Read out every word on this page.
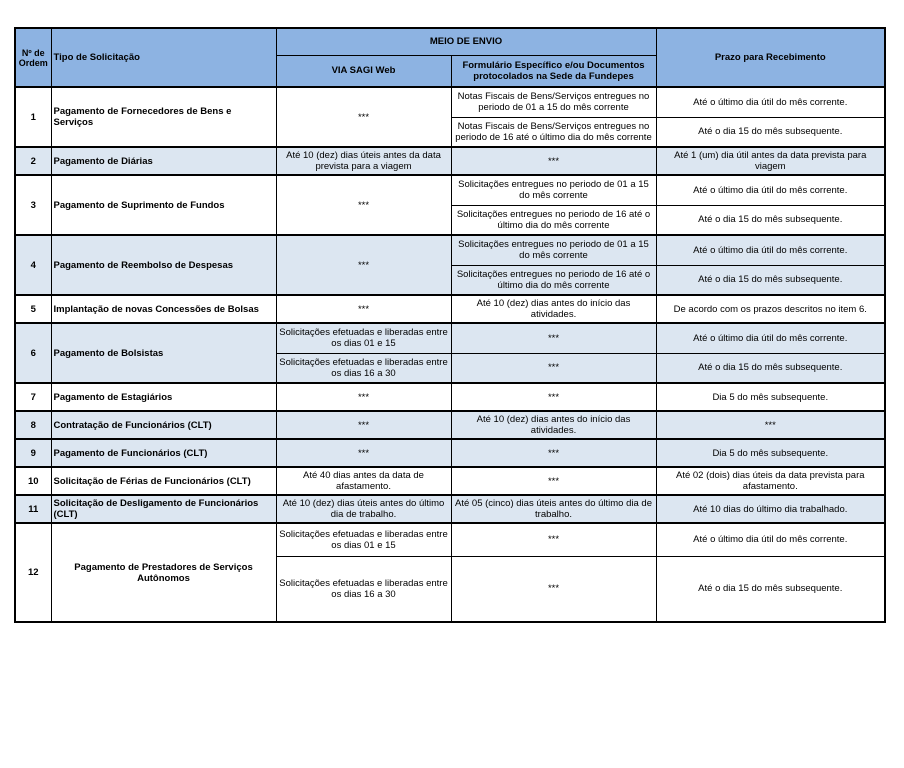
Nº de Ordem	Tipo de Solicitação	MEIO DE ENVIO		Prazo para Recebimento
		VIA SAGI Web	Formulário Específico e/ou Documentos protocolados na Sede da Fundepes	
1	Pagamento de Fornecedores de Bens e Serviços	***	Notas Fiscais de Bens/Serviços entregues no periodo de 01 a 15 do mês corrente	Até o último dia útil do mês corrente.
			Notas Fiscais de Bens/Serviços entregues no periodo de 16 até o último dia do mês corrente	Até o dia 15 do mês subsequente.
2	Pagamento de Diárias	Até 10 (dez) dias úteis antes da data prevista para a viagem	***	Até 1 (um) dia útil antes da data prevista para viagem
3	Pagamento de Suprimento de Fundos	***	Solicitações entregues no periodo de 01 a 15 do mês corrente	Até o último dia útil do mês corrente.
			Solicitações entregues no periodo de 16 até o último dia do mês corrente	Até o dia 15 do mês subsequente.
4	Pagamento de Reembolso de Despesas	***	Solicitações entregues no periodo de 01 a 15 do mês corrente	Até o último dia útil do mês corrente.
			Solicitações entregues no periodo de 16 até o último dia do mês corrente	Até o dia 15 do mês subsequente.
5	Implantação de novas Concessões de Bolsas	***	Até 10 (dez) dias antes do início das atividades.	De acordo com os prazos descritos no item 6.
6	Pagamento de Bolsistas	Solicitações efetuadas e liberadas entre os dias 01 e 15	***	Até o último dia útil do mês corrente.
		Solicitações efetuadas e liberadas entre os dias 16 a 30	***	Até o dia 15 do mês subsequente.
7	Pagamento de Estagiários	***	***	Dia 5 do mês subsequente.
8	Contratação de Funcionários (CLT)	***	Até 10 (dez) dias antes do início das atividades.	***
9	Pagamento de Funcionários (CLT)	***	***	Dia 5 do mês subsequente.
10	Solicitação de Férias de Funcionários (CLT)	Até 40 dias antes da data de afastamento.	***	Até 02 (dois) dias úteis da data prevista para afastamento.
11	Solicitação de Desligamento de Funcionários (CLT)	Até 10 (dez) dias úteis antes do último dia de trabalho.	Até 05 (cinco) dias úteis antes do último dia de trabalho.	Até 10 dias do último dia trabalhado.
12	Pagamento de Prestadores de Serviços Autônomos	Solicitações efetuadas e liberadas entre os dias 01 e 15	***	Até o último dia útil do mês corrente.
		Solicitações efetuadas e liberadas entre os dias 16 a 30	***	Até o dia 15 do mês subsequente.
